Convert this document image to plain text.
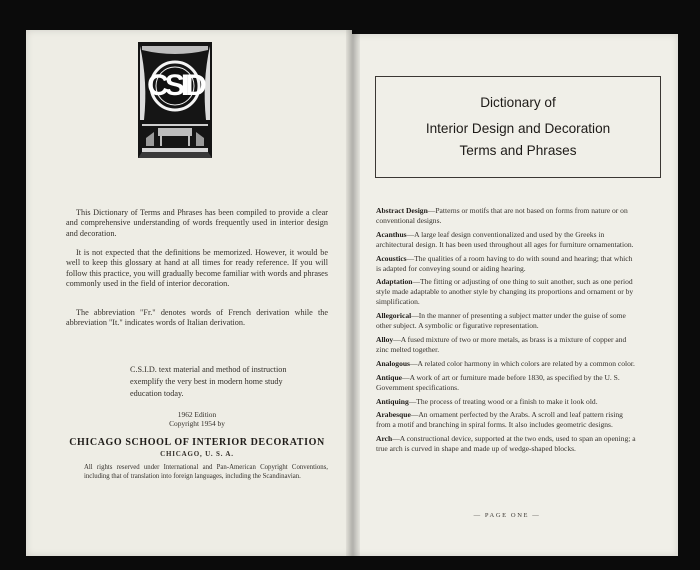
CSID

This Dictionary of Terms and Phrases has been compiled to provide a clear and comprehensive understanding of words frequently used in interior design and decoration.

It is not expected that the definitions be memorized. However, it would be well to keep this glossary at hand at all times for ready reference. If you will follow this practice, you will gradually become familiar with words and phrases commonly used in the field of interior decoration.

The abbreviation "Fr." denotes words of French derivation while the abbreviation "It." indicates words of Italian derivation.

C.S.I.D. text material and method of instruction exemplify the very best in modern home study education today.
1962 Edition
Copyright 1954 by
CHICAGO SCHOOL OF INTERIOR DECORATION
CHICAGO, U. S. A.
All rights reserved under International and Pan-American Copyright Conventions, including that of translation into foreign languages, including the Scandinavian.
Dictionary of
Interior Design and Decoration
Terms and Phrases
Abstract Design—Patterns or motifs that are not based on forms from nature or on conventional designs.
Acanthus—A large leaf design conventionalized and used by the Greeks in architectural design. It has been used throughout all ages for furniture ornamentation.
Acoustics—The qualities of a room having to do with sound and hearing; that which is adapted for conveying sound or aiding hearing.
Adaptation—The fitting or adjusting of one thing to suit another, such as one period style made adaptable to another style by changing its proportions and ornament or by simplification.
Allegorical—In the manner of presenting a subject matter under the guise of some other subject. A symbolic or figurative representation.
Alloy—A fused mixture of two or more metals, as brass is a mixture of copper and zinc melted together.
Analogous—A related color harmony in which colors are related by a common color.
Antique—A work of art or furniture made before 1830, as specified by the U. S. Government specifications.
Antiquing—The process of treating wood or a finish to make it look old.
Arabesque—An ornament perfected by the Arabs. A scroll and leaf pattern rising from a motif and branching in spiral forms. It also includes geometric designs.
Arch—A constructional device, supported at the two ends, used to span an opening; a true arch is curved in shape and made up of wedge-shaped blocks.
— PAGE ONE —
